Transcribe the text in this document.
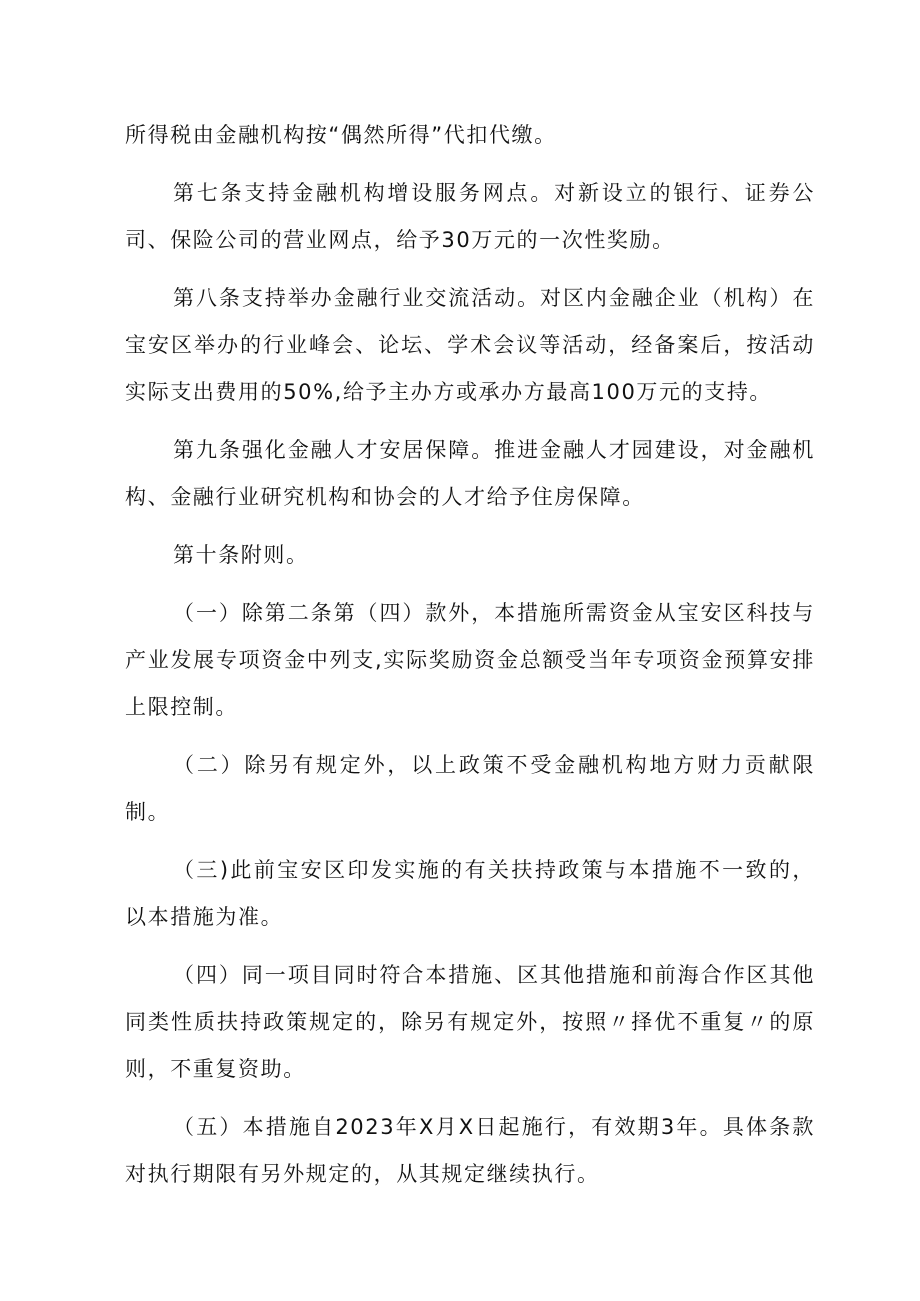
所得税由金融机构按“偶然所得”代扣代缴。

第七条支持金融机构增设服务网点。对新设立的银行、证券公司、保险公司的营业网点，给予30万元的一次性奖励。

第八条支持举办金融行业交流活动。对区内金融企业（机构）在宝安区举办的行业峰会、论坛、学术会议等活动，经备案后，按活动实际支出费用的50%,给予主办方或承办方最高100万元的支持。

第九条强化金融人才安居保障。推进金融人才园建设，对金融机构、金融行业研究机构和协会的人才给予住房保障。

第十条附则。

（一）除第二条第（四）款外，本措施所需资金从宝安区科技与产业发展专项资金中列支,实际奖励资金总额受当年专项资金预算安排上限控制。

（二）除另有规定外，以上政策不受金融机构地方财力贡献限制。

（三)此前宝安区印发实施的有关扶持政策与本措施不一致的，以本措施为准。

（四）同一项目同时符合本措施、区其他措施和前海合作区其他同类性质扶持政策规定的，除另有规定外，按照〃择优不重复〃的原则，不重复资助。

（五）本措施自2023年X月X日起施行，有效期3年。具体条款对执行期限有另外规定的，从其规定继续执行。
